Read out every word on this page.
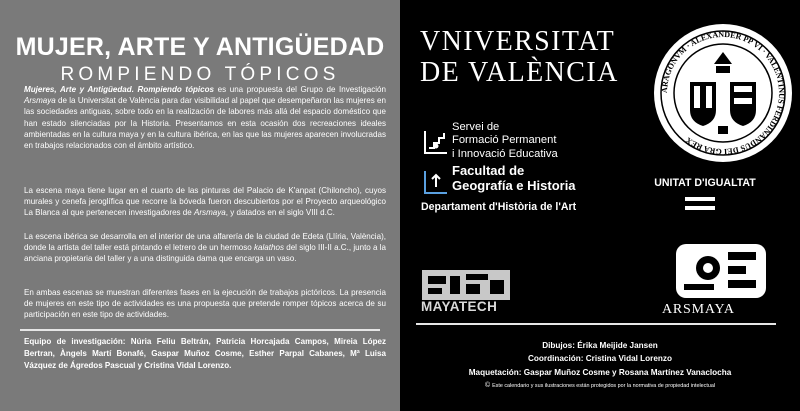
MUJER, ARTE Y ANTIGÜEDAD
ROMPIENDO TÓPICOS
Mujeres, Arte y Antigüedad. Rompiendo tópicos es una propuesta del Grupo de Investigación Arsmaya de la Universitat de València para dar visibilidad al papel que desempeñaron las mujeres en las sociedades antiguas, sobre todo en la realización de labores más allá del espacio doméstico que han estado silenciadas por la Historia. Presentamos en esta ocasión dos recreaciones ideales ambientadas en la cultura maya y en la cultura ibérica, en las que las mujeres aparecen involucradas en trabajos relacionados con el ámbito artístico.
La escena maya tiene lugar en el cuarto de las pinturas del Palacio de K'anpat (Chiloncho), cuyos murales y cenefa jeroglífica que recorre la bóveda fueron descubiertos por el Proyecto arqueológico La Blanca al que pertenecen investigadores de Arsmaya, y datados en el siglo VIII d.C.
La escena ibérica se desarrolla en el interior de una alfarería de la ciudad de Edeta (Llíria, València), donde la artista del taller está pintando el letrero de un hermoso kalathos del siglo III-II a.C., junto a la anciana propietaria del taller y a una distinguida dama que encarga un vaso.
En ambas escenas se muestran diferentes fases en la ejecución de trabajos pictóricos. La presencia de mujeres en este tipo de actividades es una propuesta que pretende romper tópicos acerca de su participación en este tipo de actividades.
Equipo de investigación: Núria Feliu Beltrán, Patricia Horcajada Campos, Mireia López Bertran, Àngels Martí Bonafé, Gaspar Muñoz Cosme, Esther Parpal Cabanes, Mª Luisa Vázquez de Ágredos Pascual y Cristina Vidal Lorenzo.
VNIVERSITAT
DE VALÈNCIA
ARAGONVM · ALEXANDER PP VI · VALENTINUS FERDINANDUS DEI GRA REX
Servei de
Formació Permanent
i Innovació Educativa
Facultad de
Geografía e Historia
Departament d'Història de l'Art
UNITAT D'IGUALTAT
MAYATECH	ARSMAYA
Dibujos: Érika Meijide Jansen
Coordinación: Cristina Vidal Lorenzo
Maquetación: Gaspar Muñoz Cosme y Rosana Martínez Vanaclocha
© Este calendario y sus ilustraciones están protegidos por la normativa de propiedad intelectual
